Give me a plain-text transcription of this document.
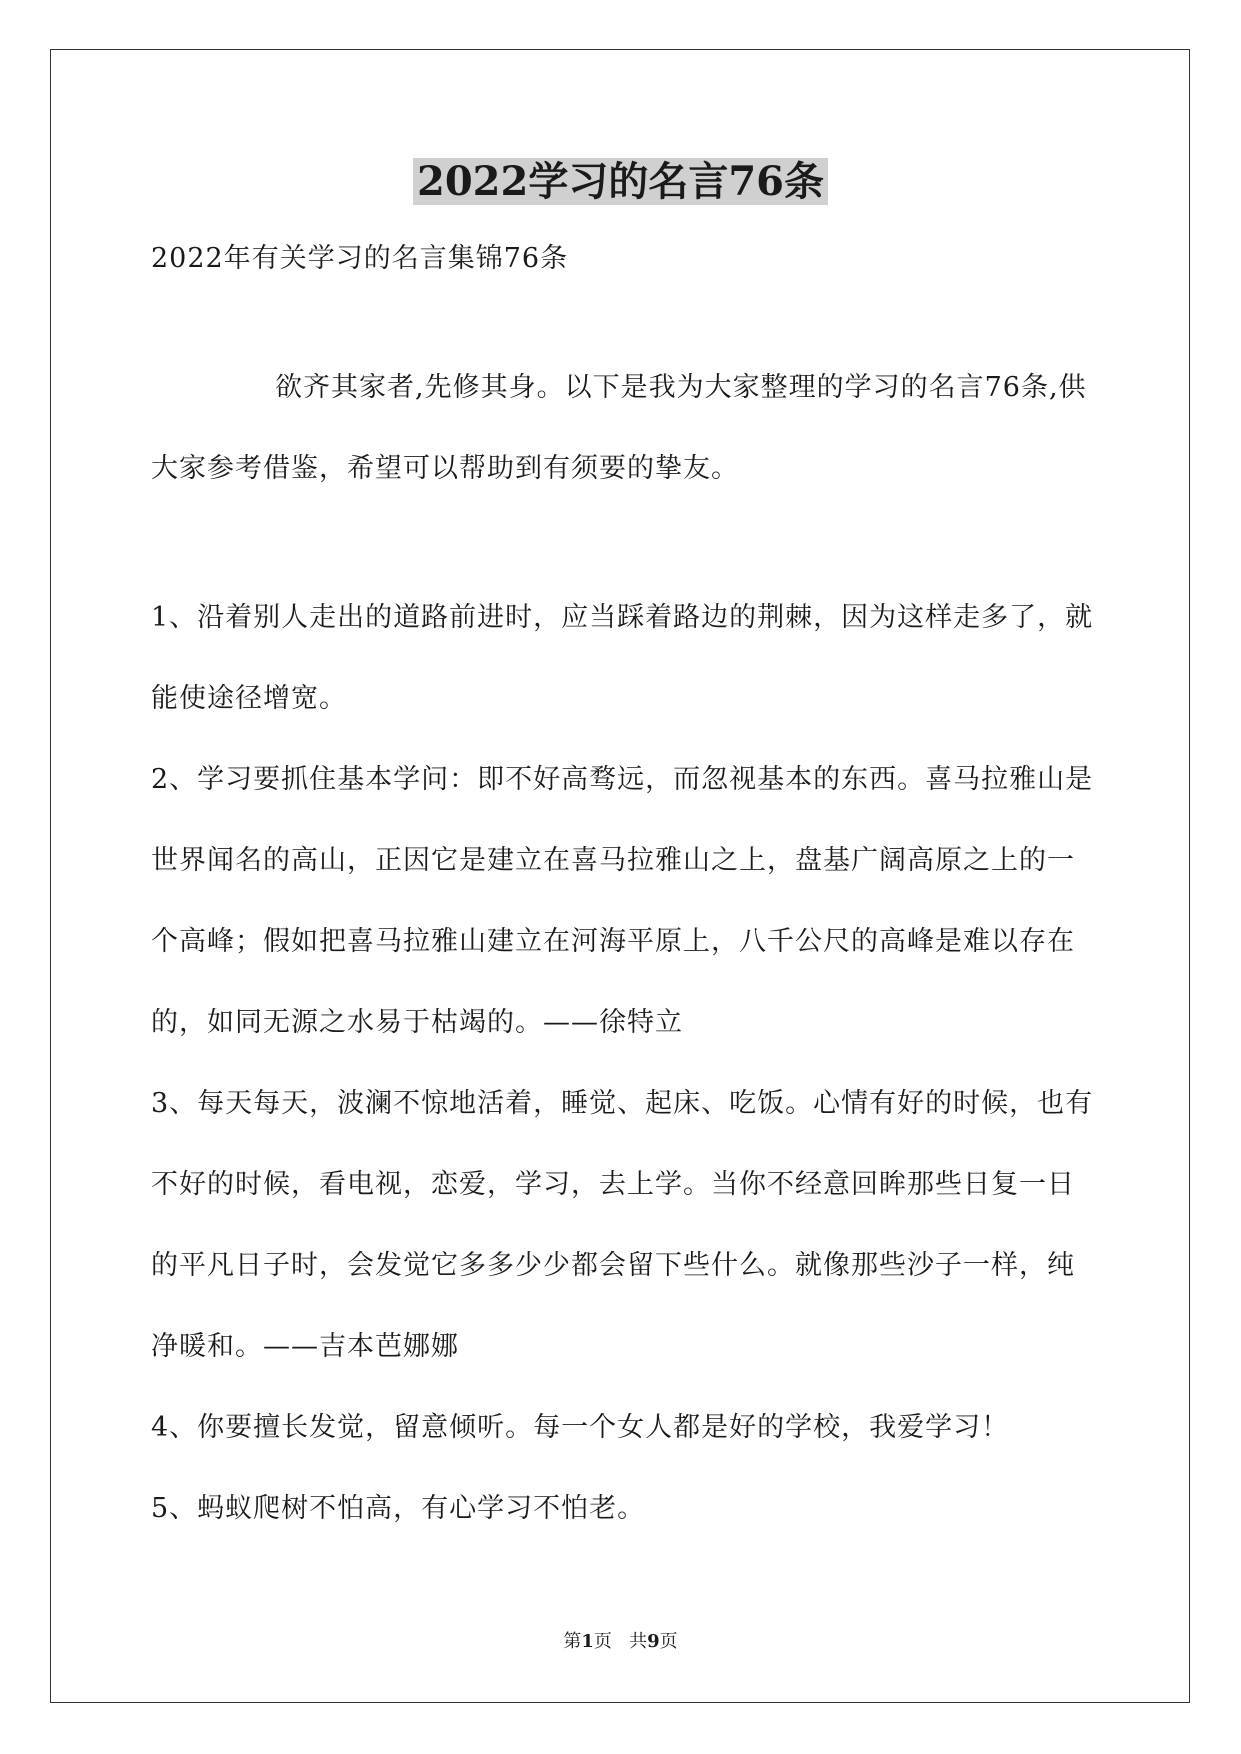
2022学习的名言76条
2022年有关学习的名言集锦76条
欲齐其家者,先修其身。以下是我为大家整理的学习的名言76条,供大家参考借鉴，希望可以帮助到有须要的挚友。

1、沿着别人走出的道路前进时，应当踩着路边的荆棘，因为这样走多了，就能使途径增宽。

2、学习要抓住基本学问：即不好高骛远，而忽视基本的东西。喜马拉雅山是世界闻名的高山，正因它是建立在喜马拉雅山之上，盘基广阔高原之上的一个高峰；假如把喜马拉雅山建立在河海平原上，八千公尺的高峰是难以存在的，如同无源之水易于枯竭的。——徐特立

3、每天每天，波澜不惊地活着，睡觉、起床、吃饭。心情有好的时候，也有不好的时候，看电视，恋爱，学习，去上学。当你不经意回眸那些日复一日的平凡日子时，会发觉它多多少少都会留下些什么。就像那些沙子一样，纯净暖和。——吉本芭娜娜

4、你要擅长发觉，留意倾听。每一个女人都是好的学校，我爱学习！

5、蚂蚁爬树不怕高，有心学习不怕老。

第1页   共9页
